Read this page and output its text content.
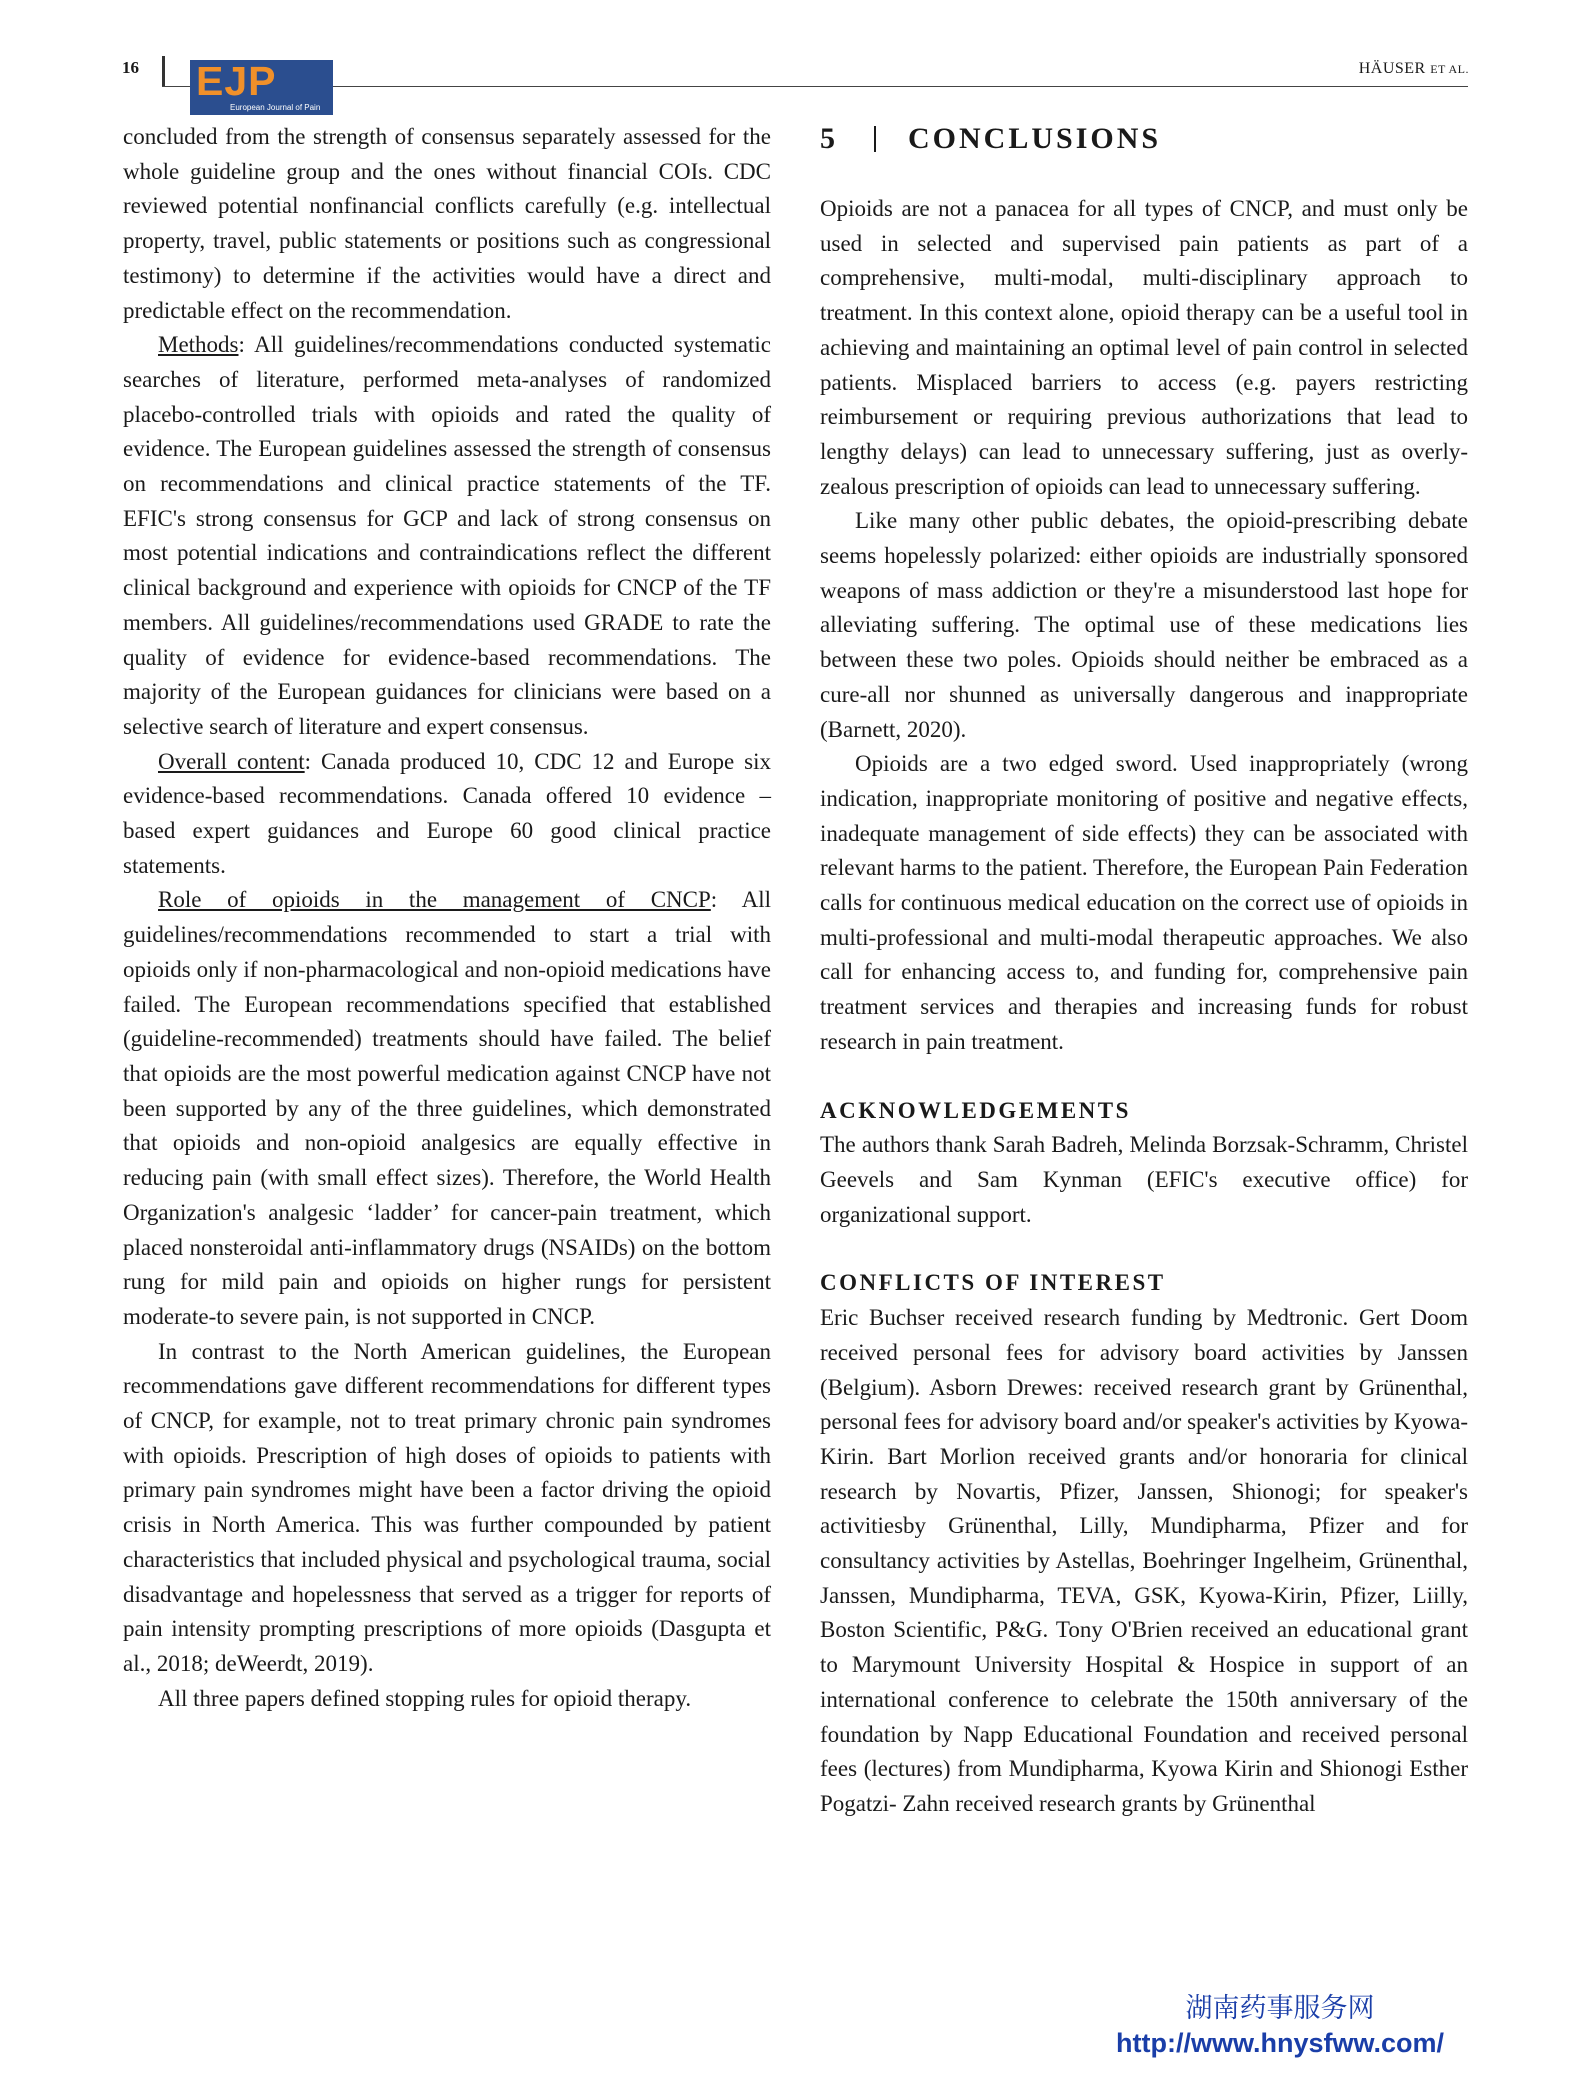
16 EJP
European Journal of Pain
HÄUSER ET AL.

concluded from the strength of consensus separately assessed for the whole guideline group and the ones without financial COIs. CDC reviewed potential nonfinancial conflicts carefully (e.g. intellectual property, travel, public statements or positions such as congressional testimony) to determine if the activities would have a direct and predictable effect on the recommendation.

Methods: All guidelines/recommendations conducted systematic searches of literature, performed meta-analyses of randomized placebo-controlled trials with opioids and rated the quality of evidence. The European guidelines assessed the strength of consensus on recommendations and clinical practice statements of the TF. EFIC's strong consensus for GCP and lack of strong consensus on most potential indications and contraindications reflect the different clinical background and experience with opioids for CNCP of the TF members. All guidelines/recommendations used GRADE to rate the quality of evidence for evidence-based recommendations. The majority of the European guidances for clinicians were based on a selective search of literature and expert consensus.

Overall content: Canada produced 10, CDC 12 and Europe six evidence-based recommendations. Canada offered 10 evidence – based expert guidances and Europe 60 good clinical practice statements.

Role of opioids in the management of CNCP: All guidelines/recommendations recommended to start a trial with opioids only if non-pharmacological and non-opioid medications have failed. The European recommendations specified that established (guideline-recommended) treatments should have failed. The belief that opioids are the most powerful medication against CNCP have not been supported by any of the three guidelines, which demonstrated that opioids and non-opioid analgesics are equally effective in reducing pain (with small effect sizes). Therefore, the World Health Organization's analgesic ‘ladder’ for cancer-pain treatment, which placed nonsteroidal anti-inflammatory drugs (NSAIDs) on the bottom rung for mild pain and opioids on higher rungs for persistent moderate-to severe pain, is not supported in CNCP.

In contrast to the North American guidelines, the European recommendations gave different recommendations for different types of CNCP, for example, not to treat primary chronic pain syndromes with opioids. Prescription of high doses of opioids to patients with primary pain syndromes might have been a factor driving the opioid crisis in North America. This was further compounded by patient characteristics that included physical and psychological trauma, social disadvantage and hopelessness that served as a trigger for reports of pain intensity prompting prescriptions of more opioids (Dasgupta et al., 2018; deWeerdt, 2019).

All three papers defined stopping rules for opioid therapy.

5	CONCLUSIONS

Opioids are not a panacea for all types of CNCP, and must only be used in selected and supervised pain patients as part of a comprehensive, multi-modal, multi-disciplinary approach to treatment. In this context alone, opioid therapy can be a useful tool in achieving and maintaining an optimal level of pain control in selected patients. Misplaced barriers to access (e.g. payers restricting reimbursement or requiring previous authorizations that lead to lengthy delays) can lead to unnecessary suffering, just as overly-zealous prescription of opioids can lead to unnecessary suffering.

Like many other public debates, the opioid-prescribing debate seems hopelessly polarized: either opioids are industrially sponsored weapons of mass addiction or they're a misunderstood last hope for alleviating suffering. The optimal use of these medications lies between these two poles. Opioids should neither be embraced as a cure-all nor shunned as universally dangerous and inappropriate (Barnett, 2020).

Opioids are a two edged sword. Used inappropriately (wrong indication, inappropriate monitoring of positive and negative effects, inadequate management of side effects) they can be associated with relevant harms to the patient. Therefore, the European Pain Federation calls for continuous medical education on the correct use of opioids in multi-professional and multi-modal therapeutic approaches. We also call for enhancing access to, and funding for, comprehensive pain treatment services and therapies and increasing funds for robust research in pain treatment.

ACKNOWLEDGEMENTS

The authors thank Sarah Badreh, Melinda Borzsak-Schramm, Christel Geevels and Sam Kynman (EFIC's executive office) for organizational support.

CONFLICTS OF INTEREST

Eric Buchser received research funding by Medtronic. Gert Doom received personal fees for advisory board activities by Janssen (Belgium). Asborn Drewes: received research grant by Grünenthal, personal fees for advisory board and/or speaker's activities by Kyowa-Kirin. Bart Morlion received grants and/or honoraria for clinical research by Novartis, Pfizer, Janssen, Shionogi; for speaker's activitiesby Grünenthal, Lilly, Mundipharma, Pfizer and for consultancy activities by Astellas, Boehringer Ingelheim, Grünenthal, Janssen, Mundipharma, TEVA, GSK, Kyowa-Kirin, Pfizer, Liilly, Boston Scientific, P&G. Tony O'Brien received an educational grant to Marymount University Hospital & Hospice in support of an international conference to celebrate the 150th anniversary of the foundation by Napp Educational Foundation and received personal fees (lectures) from Mundipharma, Kyowa Kirin and Shionogi Esther Pogatzi- Zahn received research grants by Grünenthal

湖南药事服务网
http://www.hnysfww.com/
